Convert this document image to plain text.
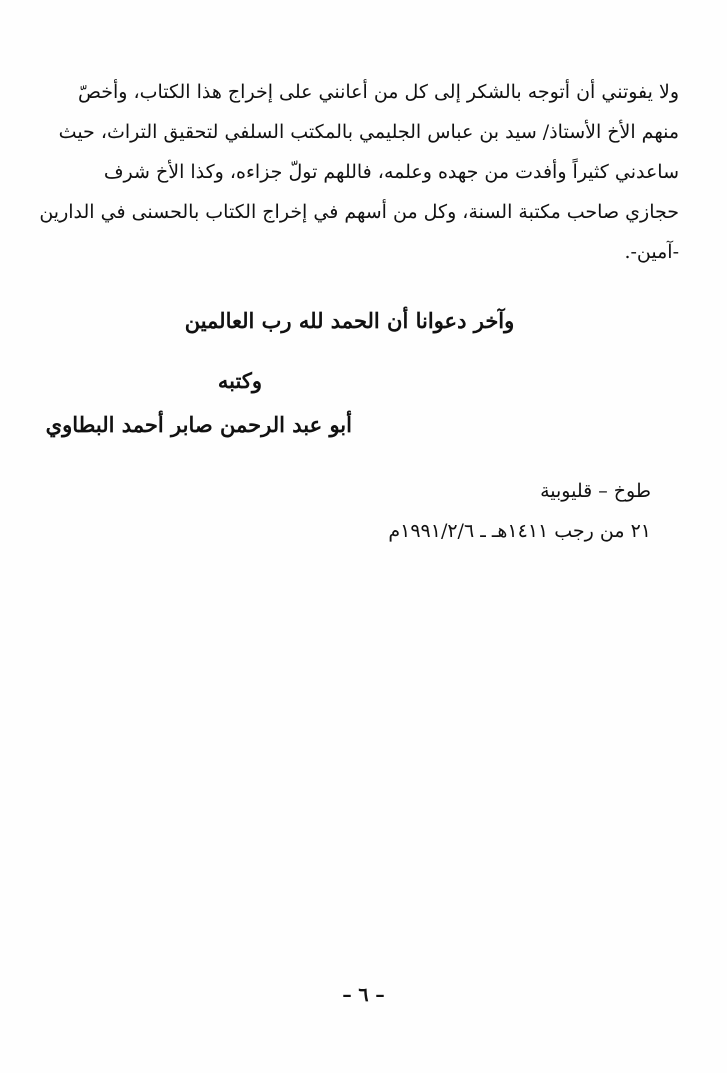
ولا يفوتني أن أتوجه بالشكر إلى كل من أعانني على إخراج هذا الكتاب، وأخصّ
منهم الأخ الأستاذ/ سيد بن عباس الجليمي بالمكتب السلفي لتحقيق التراث، حيث
ساعدني كثيراً وأفدت من جهده وعلمه، فاللهم تولّ جزاءه، وكذا الأخ شرف
حجازي صاحب مكتبة السنة، وكل من أسهم في إخراج الكتاب بالحسنى في الدارين
-آمين-.

وآخر دعوانا أن الحمد لله رب العالمين
وكتبه
أبو عبد الرحمن صابر أحمد البطاوي
طوخ – قليوبية
٢١ من رجب ١٤١١هـ ـ ١٩٩١/٢/٦م
– ٦ –
